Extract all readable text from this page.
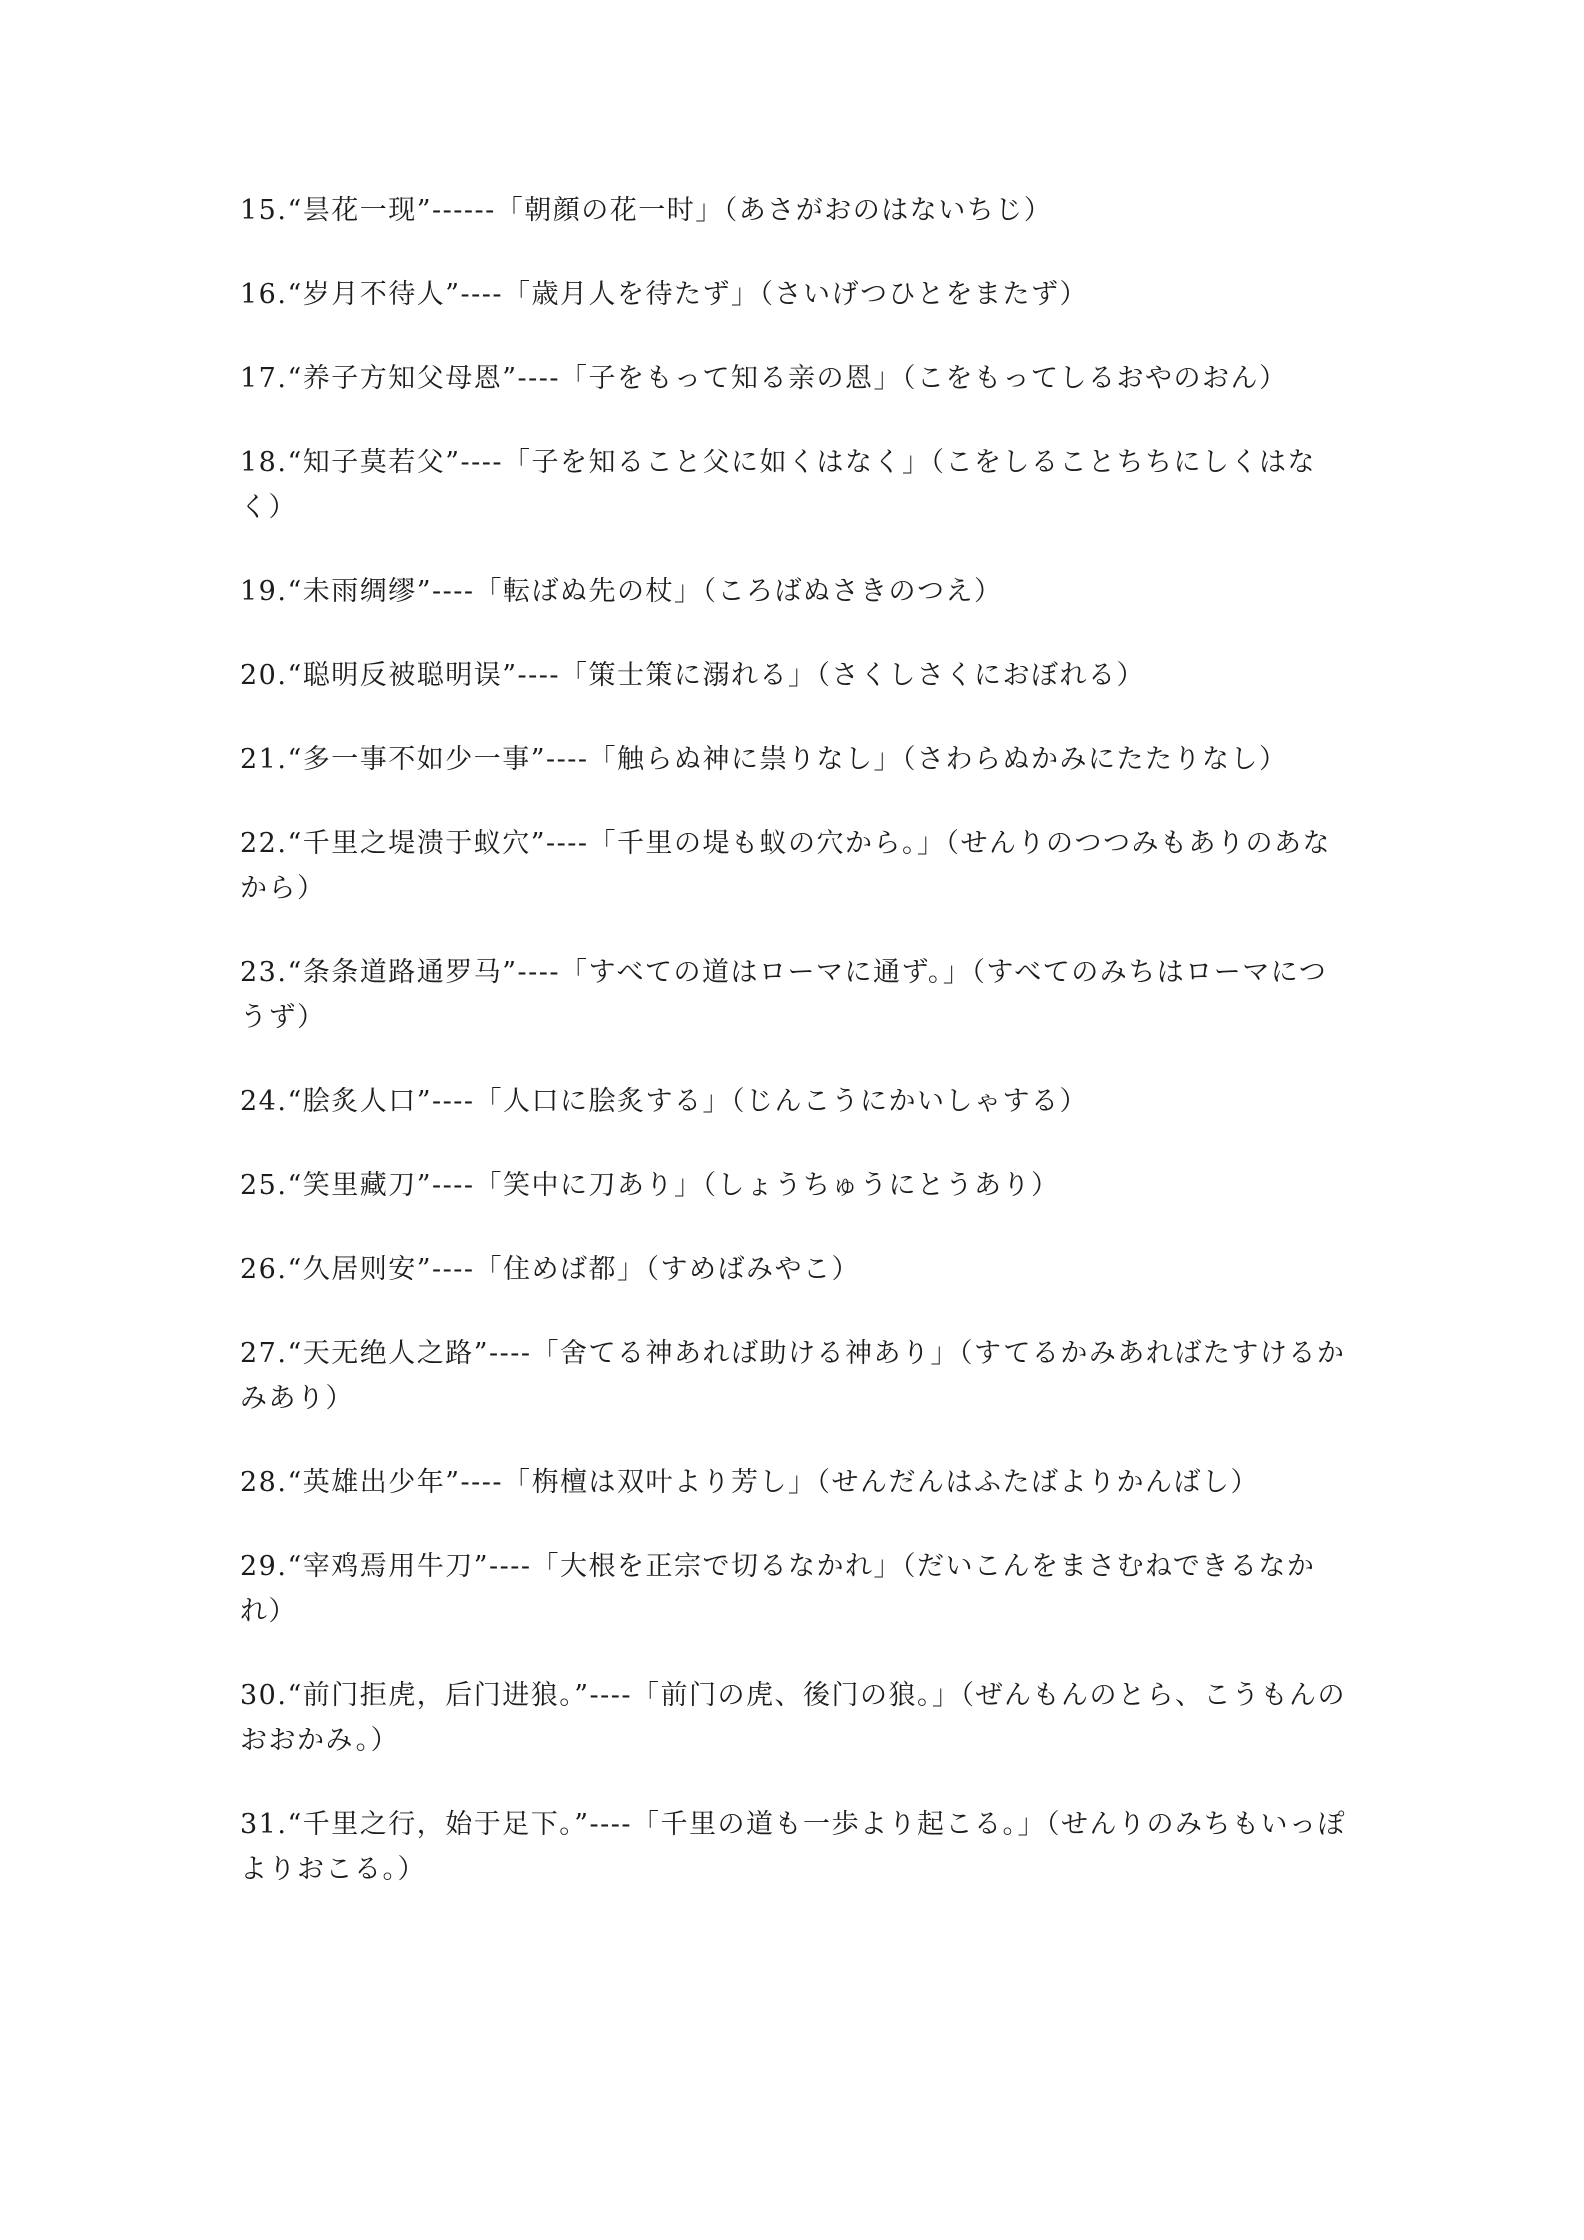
15.“昙花一现”------「朝顔の花一时」（あさがおのはないちじ）

16.“岁月不待人”----「歳月人を待たず」（さいげつひとをまたず）

17.“养子方知父母恩”----「子をもって知る亲の恩」（こをもってしるおやのおん）

18.“知子莫若父”----「子を知ること父に如くはなく」（こをしることちちにしくはなく）

19.“未雨绸缪”----「転ばぬ先の杖」（ころばぬさきのつえ）

20.“聪明反被聪明误”----「策士策に溺れる」（さくしさくにおぼれる）

21.“多一事不如少一事”----「触らぬ神に祟りなし」（さわらぬかみにたたりなし）

22.“千里之堤溃于蚁穴”----「千里の堤も蚁の穴から。」（せんりのつつみもありのあなから）

23.“条条道路通罗马”----「すべての道はローマに通ず。」（すべてのみちはローマにつうず）

24.“脍炙人口”----「人口に脍炙する」（じんこうにかいしゃする）

25.“笑里藏刀”----「笑中に刀あり」（しょうちゅうにとうあり）

26.“久居则安”----「住めば都」（すめばみやこ）

27.“天无绝人之路”----「舍てる神あれば助ける神あり」（すてるかみあればたすけるかみあり）

28.“英雄出少年”----「栴檀は双叶より芳し」（せんだんはふたばよりかんばし）

29.“宰鸡焉用牛刀”----「大根を正宗で切るなかれ」（だいこんをまさむねできるなかれ）

30.“前门拒虎，后门进狼。”----「前门の虎、後门の狼。」（ぜんもんのとら、こうもんのおおかみ。）

31.“千里之行，始于足下。”----「千里の道も一歩より起こる。」（せんりのみちもいっぽよりおこる。）
